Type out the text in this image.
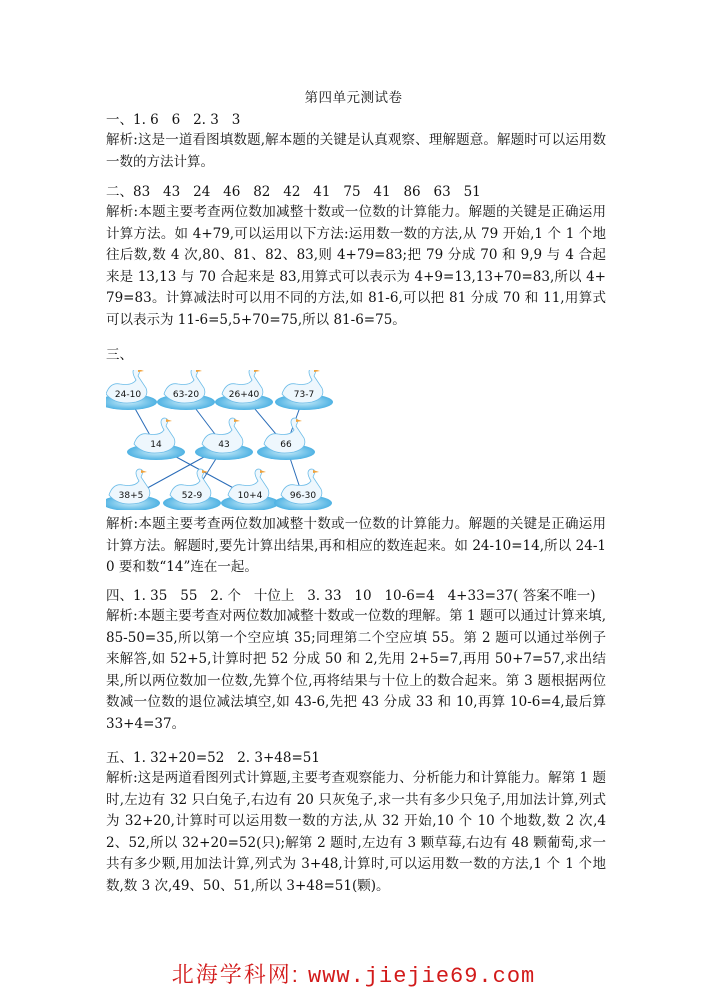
第四单元测试卷
一、1. 6   6   2. 3   3
解析:这是一道看图填数题,解本题的关键是认真观察、理解题意。解题时可以运用数一数的方法计算。
二、83   43   24   46   82   42   41   75   41   86   63   51
解析:本题主要考查两位数加减整十数或一位数的计算能力。解题的关键是正确运用计算方法。如 4+79,可以运用以下方法:运用数一数的方法,从 79 开始,1 个 1 个地往后数,数 4 次,80、81、82、83,则 4+79=83;把 79 分成 70 和 9,9 与 4 合起来是 13,13 与 70 合起来是 83,用算式可以表示为 4+9=13,13+70=83,所以 4+79=83。计算减法时可以用不同的方法,如 81-6,可以把 81 分成 70 和 11,用算式可以表示为 11-6=5,5+70=75,所以 81-6=75。
三、
24-10	63-20	26+40	73-7
14	43	66
38+5	52-9	10+4	96-30
解析:本题主要考查两位数加减整十数或一位数的计算能力。解题的关键是正确运用计算方法。解题时,要先计算出结果,再和相应的数连起来。如 24-10=14,所以 24-10 要和数“14”连在一起。
四、1. 35   55   2. 个   十位上   3. 33   10   10-6=4   4+33=37( 答案不唯一)
解析:本题主要考查对两位数加减整十数或一位数的理解。第 1 题可以通过计算来填,85-50=35,所以第一个空应填 35;同理第二个空应填 55。第 2 题可以通过举例子来解答,如 52+5,计算时把 52 分成 50 和 2,先用 2+5=7,再用 50+7=57,求出结果,所以两位数加一位数,先算个位,再将结果与十位上的数合起来。第 3 题根据两位数减一位数的退位减法填空,如 43-6,先把 43 分成 33 和 10,再算 10-6=4,最后算 33+4=37。
五、1. 32+20=52   2. 3+48=51
解析:这是两道看图列式计算题,主要考查观察能力、分析能力和计算能力。解第 1 题时,左边有 32 只白兔子,右边有 20 只灰兔子,求一共有多少只兔子,用加法计算,列式为 32+20,计算时可以运用数一数的方法,从 32 开始,10 个 10 个地数,数 2 次,42、52,所以 32+20=52(只);解第 2 题时,左边有 3 颗草莓,右边有 48 颗葡萄,求一共有多少颗,用加法计算,列式为 3+48,计算时,可以运用数一数的方法,1 个 1 个地数,数 3 次,49、50、51,所以 3+48=51(颗)。
北海学科网: www.jiejie69.com
